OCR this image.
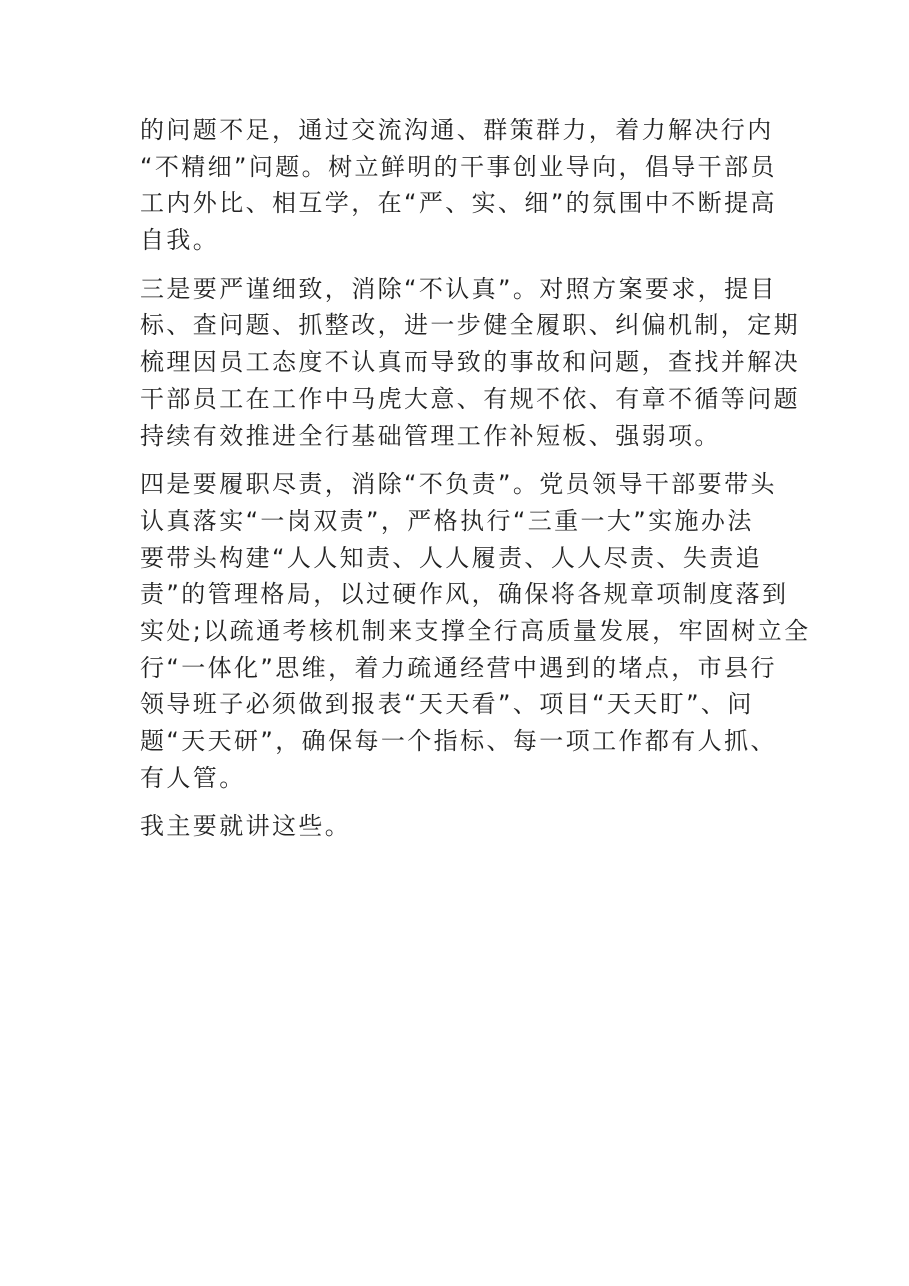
的问题不足，通过交流沟通、群策群力，着力解决行内
“不精细”问题。树立鲜明的干事创业导向，倡导干部员
工内外比、相互学，在“严、实、细”的氛围中不断提高
自我。
三是要严谨细致，消除“不认真”。对照方案要求，提目
标、查问题、抓整改，进一步健全履职、纠偏机制，定期
梳理因员工态度不认真而导致的事故和问题，查找并解决
干部员工在工作中马虎大意、有规不依、有章不循等问题
持续有效推进全行基础管理工作补短板、强弱项。
四是要履职尽责，消除“不负责”。党员领导干部要带头
认真落实“一岗双责”，严格执行“三重一大”实施办法
要带头构建“人人知责、人人履责、人人尽责、失责追
责”的管理格局，以过硬作风，确保将各规章项制度落到
实处;以疏通考核机制来支撑全行高质量发展，牢固树立全
行“一体化”思维，着力疏通经营中遇到的堵点，市县行
领导班子必须做到报表“天天看”、项目“天天盯”、问
题“天天研”，确保每一个指标、每一项工作都有人抓、
有人管。
我主要就讲这些。
